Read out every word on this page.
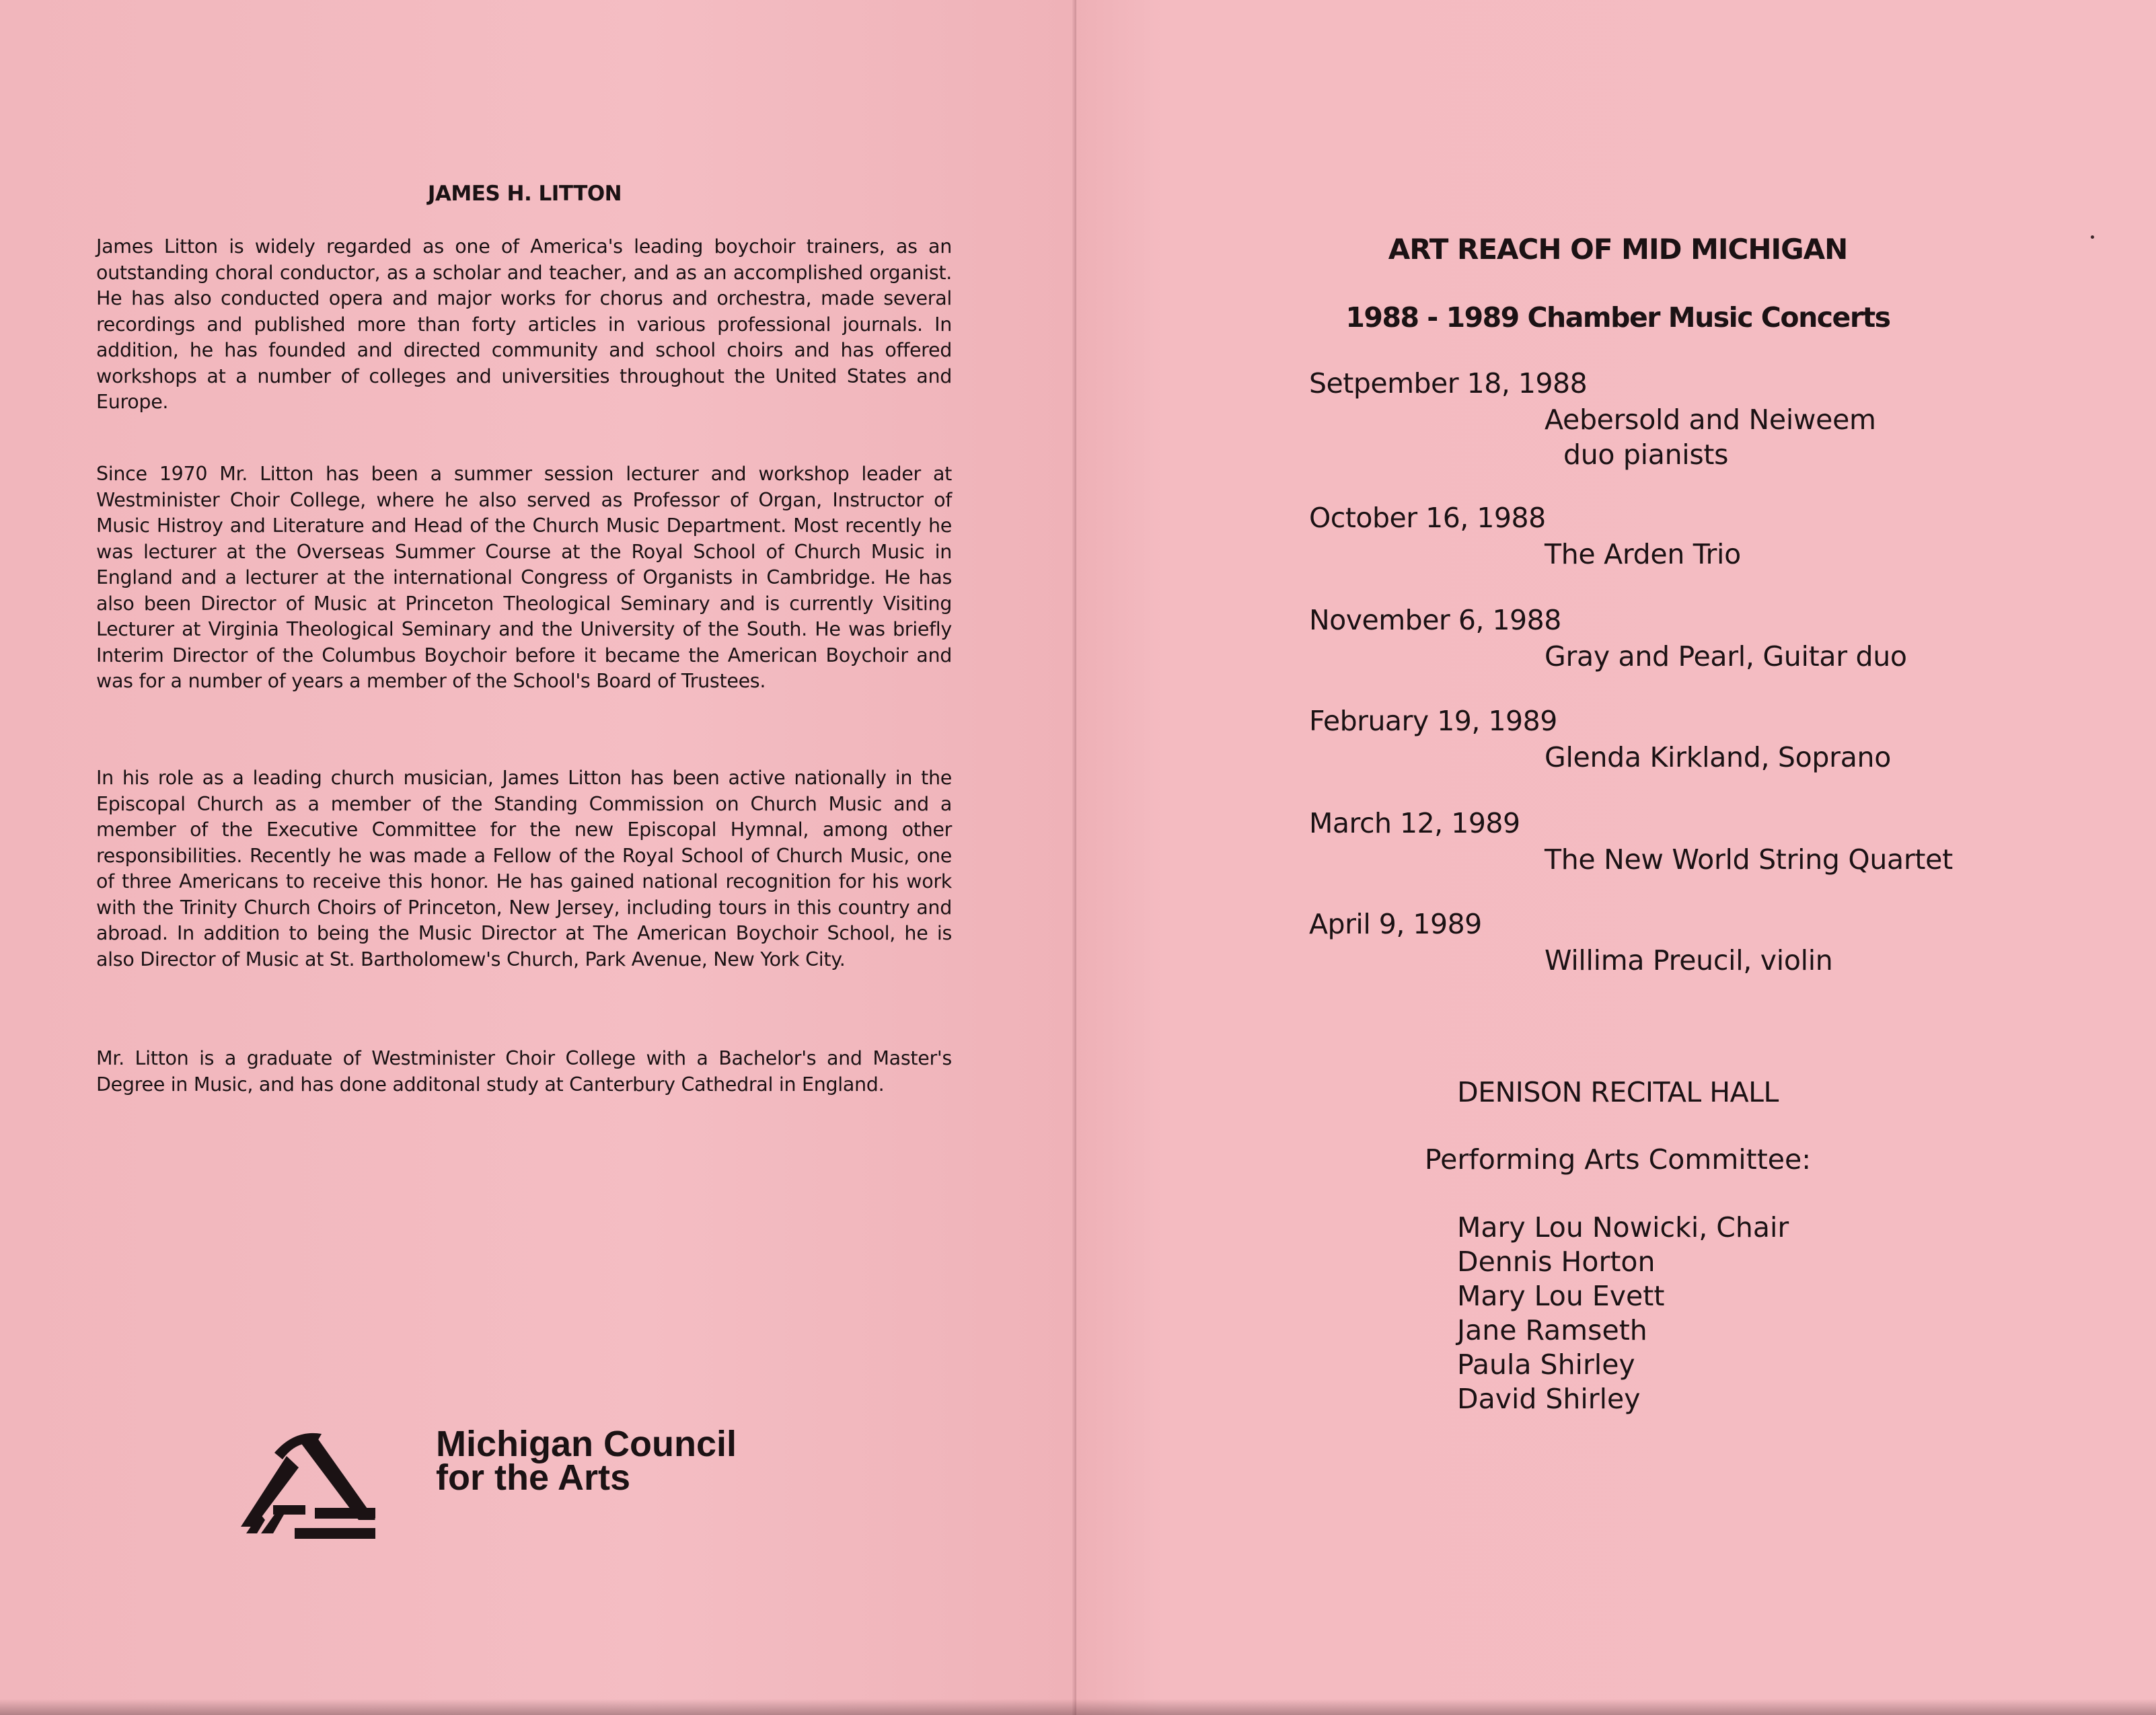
JAMES H. LITTON
James Litton is widely regarded as one of America's leading boychoir trainers, as an outstanding choral conductor, as a scholar and teacher, and as an accomplished organist. He has also conducted opera and major works for chorus and orchestra, made several recordings and published more than forty articles in various professional journals. In addition, he has founded and directed community and school choirs and has offered workshops at a number of colleges and universities throughout the United States and Europe.
Since 1970 Mr. Litton has been a summer session lecturer and workshop leader at Westminister Choir College, where he also served as Professor of Organ, Instructor of Music Histroy and Literature and Head of the Church Music Department. Most recently he was lecturer at the Overseas Summer Course at the Royal School of Church Music in England and a lecturer at the international Congress of Organists in Cambridge. He has also been Director of Music at Princeton Theological Seminary and is currently Visiting Lecturer at Virginia Theological Seminary and the University of the South. He was briefly Interim Director of the Columbus Boychoir before it became the American Boychoir and was for a number of years a member of the School's Board of Trustees.
In his role as a leading church musician, James Litton has been active nationally in the Episcopal Church as a member of the Standing Commission on Church Music and a member of the Executive Committee for the new Episcopal Hymnal, among other responsibilities. Recently he was made a Fellow of the Royal School of Church Music, one of three Americans to receive this honor. He has gained national recognition for his work with the Trinity Church Choirs of Princeton, New Jersey, including tours in this country and abroad. In addition to being the Music Director at The American Boychoir School, he is also Director of Music at St. Bartholomew's Church, Park Avenue, New York City.
Mr. Litton is a graduate of Westminister Choir College with a Bachelor's and Master's Degree in Music, and has done additonal study at Canterbury Cathedral in England.
Michigan Council
for the Arts
ART REACH OF MID MICHIGAN
1988 - 1989 Chamber Music Concerts
Setpember 18, 1988
Aebersold and Neiweem
duo pianists
October 16, 1988
The Arden Trio
November 6, 1988
Gray and Pearl, Guitar duo
February 19, 1989
Glenda Kirkland, Soprano
March 12, 1989
The New World String Quartet
April 9, 1989
Willima Preucil, violin
DENISON RECITAL HALL
Performing Arts Committee:
Mary Lou Nowicki, Chair
Dennis Horton
Mary Lou Evett
Jane Ramseth
Paula Shirley
David Shirley
